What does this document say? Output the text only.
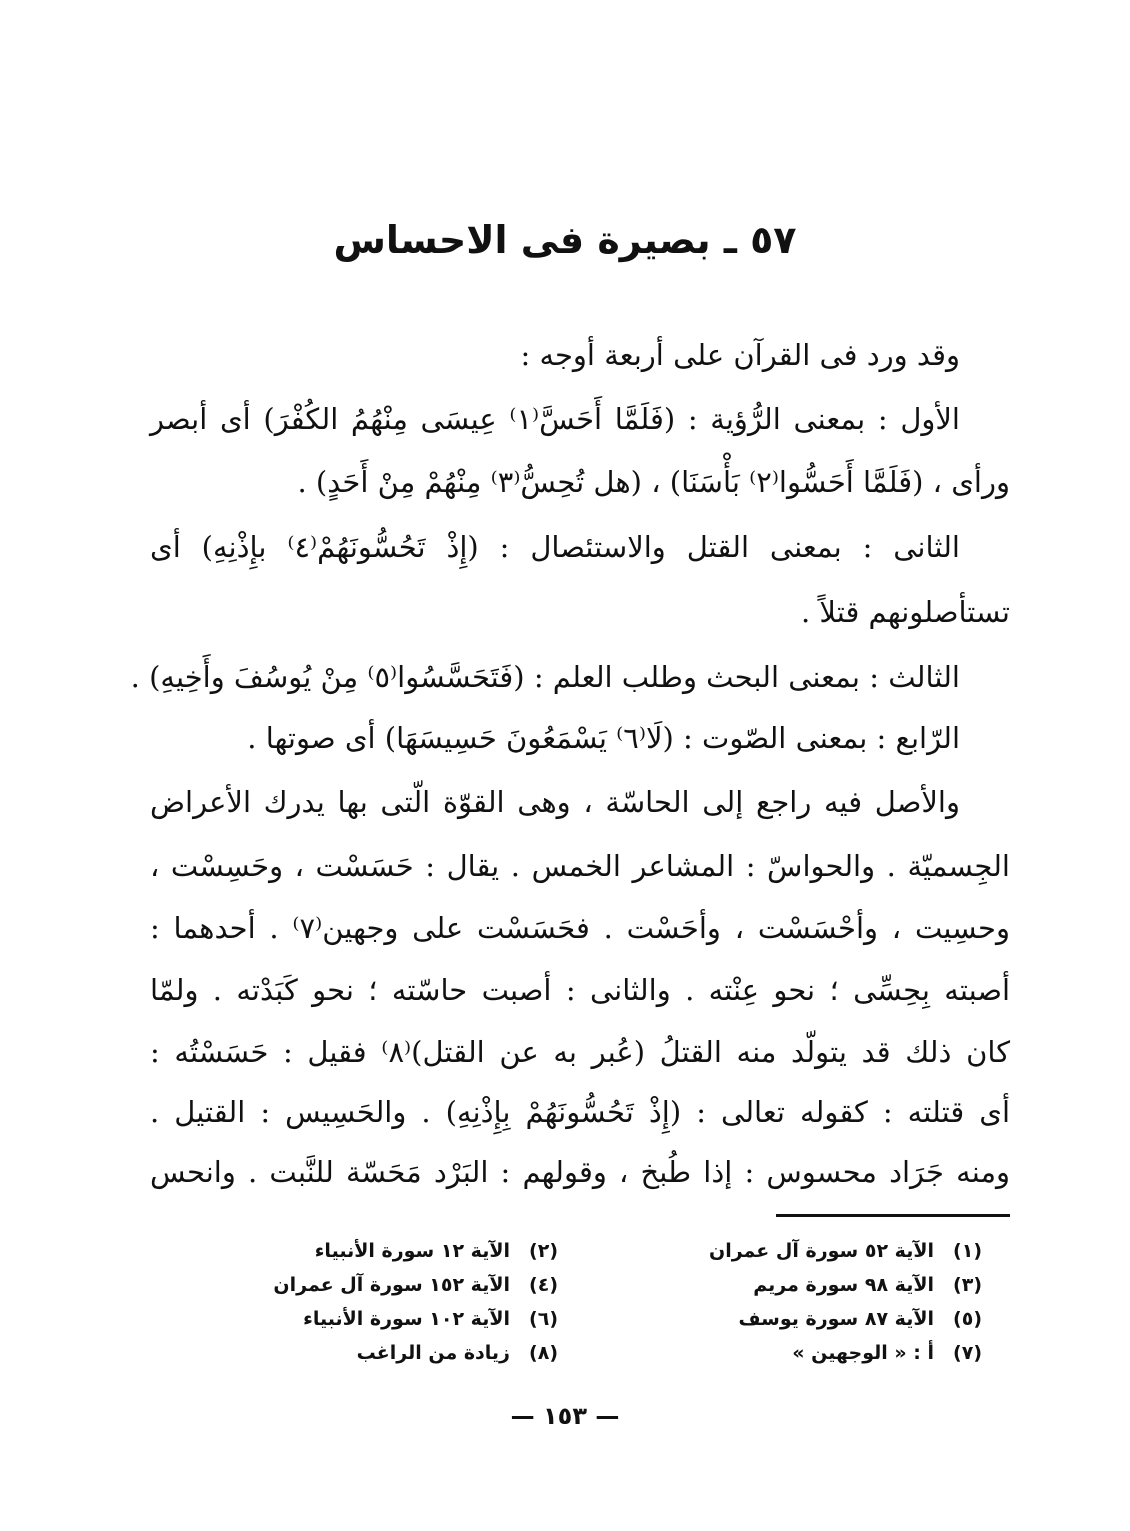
٥٧ ـ بصيرة فى الاحساس
وقد ورد فى القرآن على أربعة أوجه :
الأول : بمعنى الرُّؤية : (فَلَمَّا أَحَسَّ⁽١⁾ عِيسَى مِنْهُمُ الكُفْرَ) أى أبصر
ورأى ، (فَلَمَّا أَحَسُّوا⁽٢⁾ بَأْسَنَا) ، (هل تُحِسُّ⁽٣⁾ مِنْهُمْ مِنْ أَحَدٍ) .
الثانى : بمعنى القتل والاستئصال : (إِذْ تَحُسُّونَهُمْ⁽٤⁾ بإِذْنِهِ) أى
تستأصلونهم قتلاً .
الثالث : بمعنى البحث وطلب العلم : (فَتَحَسَّسُوا⁽٥⁾ مِنْ يُوسُفَ وأَخِيهِ) .
الرّابع : بمعنى الصّوت : (لَا⁽٦⁾ يَسْمَعُونَ حَسِيسَهَا) أى صوتها .
والأصل فيه راجع إلى الحاسّة ، وهى القوّة الّتى بها يدرك الأعراض
الجِسميّة . والحواسّ : المشاعر الخمس . يقال : حَسَسْت ، وحَسِسْت ،
وحسِيت ، وأحْسَسْت ، وأحَسْت . فحَسَسْت على وجهين⁽٧⁾ . أحدهما :
أصبته بِحِسِّى ؛ نحو عِنْته . والثانى : أصبت حاسّته ؛ نحو كَبَدْته . ولمّا
كان ذلك قد يتولّد منه القتلُ (عُبر به عن القتل)⁽٨⁾ فقيل : حَسَسْتُه :
أى قتلته : كقوله تعالى : (إِذْ تَحُسُّونَهُمْ بِإِذْنِهِ) . والحَسِيس : القتيل .
ومنه جَرَاد محسوس : إذا طُبخ ، وقولهم : البَرْد مَحَسّة للنَّبت . وانحس
(١)الآية ٥٢ سورة آل عمران
(٣)الآية ٩٨ سورة مريم
(٥)الآية ٨٧ سورة يوسف
(٧)أ : « الوجهين »
(٢)الآية ١٢ سورة الأنبياء
(٤)الآية ١٥٢ سورة آل عمران
(٦)الآية ١٠٢ سورة الأنبياء
(٨)زيادة من الراغب
— ١٥٣ —
